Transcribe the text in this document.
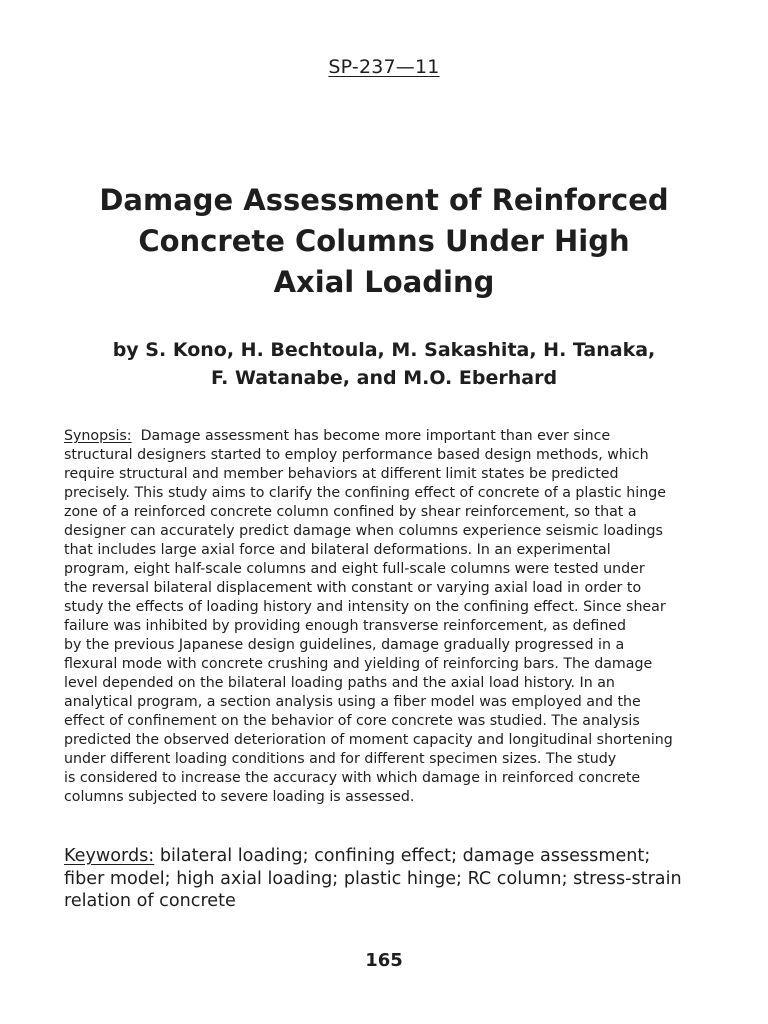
SP-237—11
Damage Assessment of Reinforced
Concrete Columns Under High
Axial Loading
by S. Kono, H. Bechtoula, M. Sakashita, H. Tanaka,
F. Watanabe, and M.O. Eberhard

Synopsis: Damage assessment has become more important than ever since
structural designers started to employ performance based design methods, which
require structural and member behaviors at different limit states be predicted
precisely. This study aims to clarify the confining effect of concrete of a plastic hinge
zone of a reinforced concrete column confined by shear reinforcement, so that a
designer can accurately predict damage when columns experience seismic loadings
that includes large axial force and bilateral deformations. In an experimental
program, eight half-scale columns and eight full-scale columns were tested under
the reversal bilateral displacement with constant or varying axial load in order to
study the effects of loading history and intensity on the confining effect. Since shear
failure was inhibited by providing enough transverse reinforcement, as defined
by the previous Japanese design guidelines, damage gradually progressed in a
flexural mode with concrete crushing and yielding of reinforcing bars. The damage
level depended on the bilateral loading paths and the axial load history. In an
analytical program, a section analysis using a fiber model was employed and the
effect of confinement on the behavior of core concrete was studied. The analysis
predicted the observed deterioration of moment capacity and longitudinal shortening
under different loading conditions and for different specimen sizes. The study
is considered to increase the accuracy with which damage in reinforced concrete
columns subjected to severe loading is assessed.

Keywords: bilateral loading; confining effect; damage assessment;
fiber model; high axial loading; plastic hinge; RC column; stress-strain
relation of concrete

165
